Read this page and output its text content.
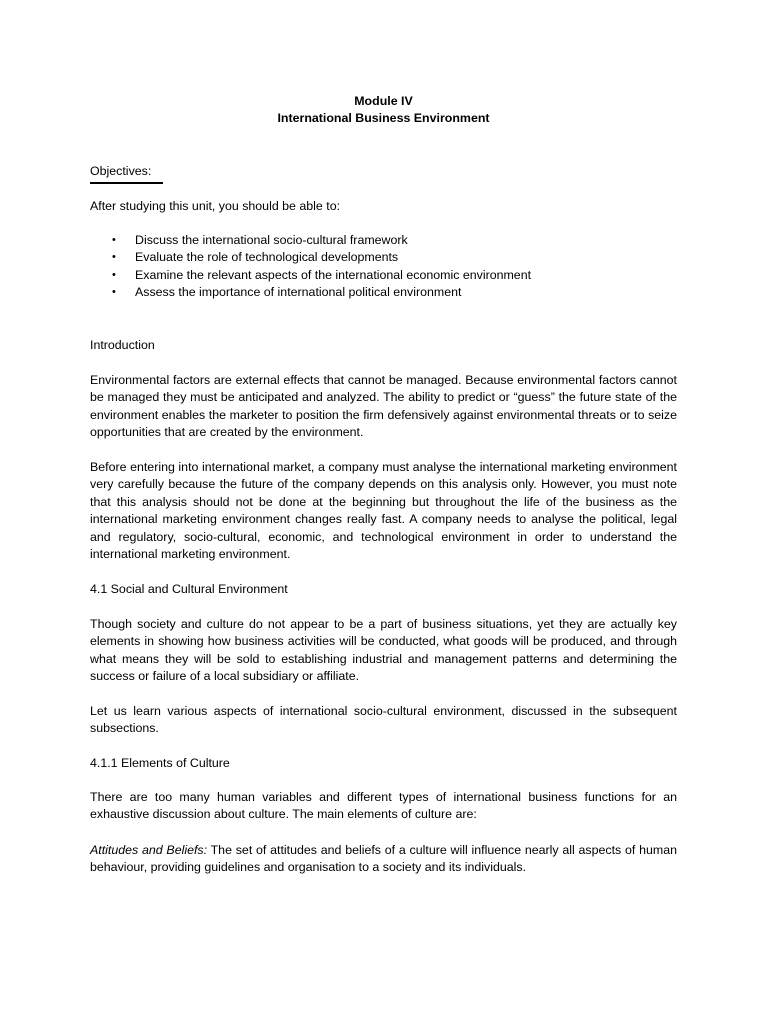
Module IV
International Business Environment
Objectives:
After studying this unit, you should be able to:
• Discuss the international socio-cultural framework
• Evaluate the role of technological developments
• Examine the relevant aspects of the international economic environment
• Assess the importance of international political environment
Introduction

Environmental factors are external effects that cannot be managed. Because environmental factors cannot be managed they must be anticipated and analyzed. The ability to predict or “guess” the future state of the environment enables the marketer to position the firm defensively against environmental threats or to seize opportunities that are created by the environment.

Before entering into international market, a company must analyse the international marketing environment very carefully because the future of the company depends on this analysis only. However, you must note that this analysis should not be done at the beginning but throughout the life of the business as the international marketing environment changes really fast. A company needs to analyse the political, legal and regulatory, socio-cultural, economic, and technological environment in order to understand the international marketing environment.

4.1 Social and Cultural Environment

Though society and culture do not appear to be a part of business situations, yet they are actually key elements in showing how business activities will be conducted, what goods will be produced, and through what means they will be sold to establishing industrial and management patterns and determining the success or failure of a local subsidiary or affiliate.

Let us learn various aspects of international socio-cultural environment, discussed in the subsequent subsections.

4.1.1 Elements of Culture

There are too many human variables and different types of international business functions for an exhaustive discussion about culture. The main elements of culture are:

Attitudes and Beliefs: The set of attitudes and beliefs of a culture will influence nearly all aspects of human behaviour, providing guidelines and organisation to a society and its individuals.
